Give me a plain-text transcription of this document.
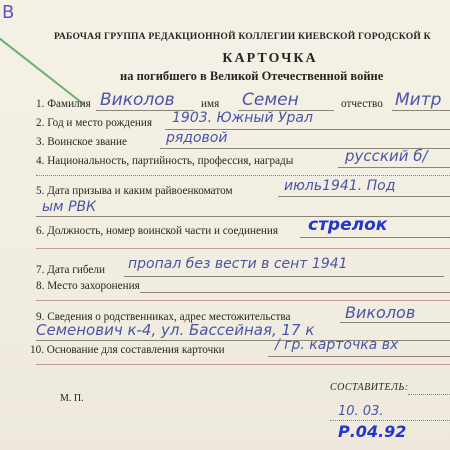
B
РАБОЧАЯ ГРУППА РЕДАКЦИОННОЙ КОЛЛЕГИИ КИЕВСКОЙ ГОРОДСКОЙ К
КАРТОЧКА
на погибшего в Великой Отечественной войне
1. Фамилия Виколов имя Семен	отчество Митр
2. Год и место рождения 1903. Южный Урал
3. Воинское звание	рядовой
4. Национальность, партийность, профессия, награды	русский б/
5. Дата призыва и каким райвоенкоматом	июль1941. Под
ым РВК
6. Должность, номер воинской части и соединения стрелок
7. Дата гибели пропал без вести в сент 1941
8. Место захоронения
9. Сведения о родственниках, адрес местожительства	Виколов
Семенович к-4, ул. Бассейная, 17 к
10. Основание для составления карточки	/ гр. карточка вх
М. П.
СОСТАВИТЕЛЬ:
10. 03.
Р.04.92
